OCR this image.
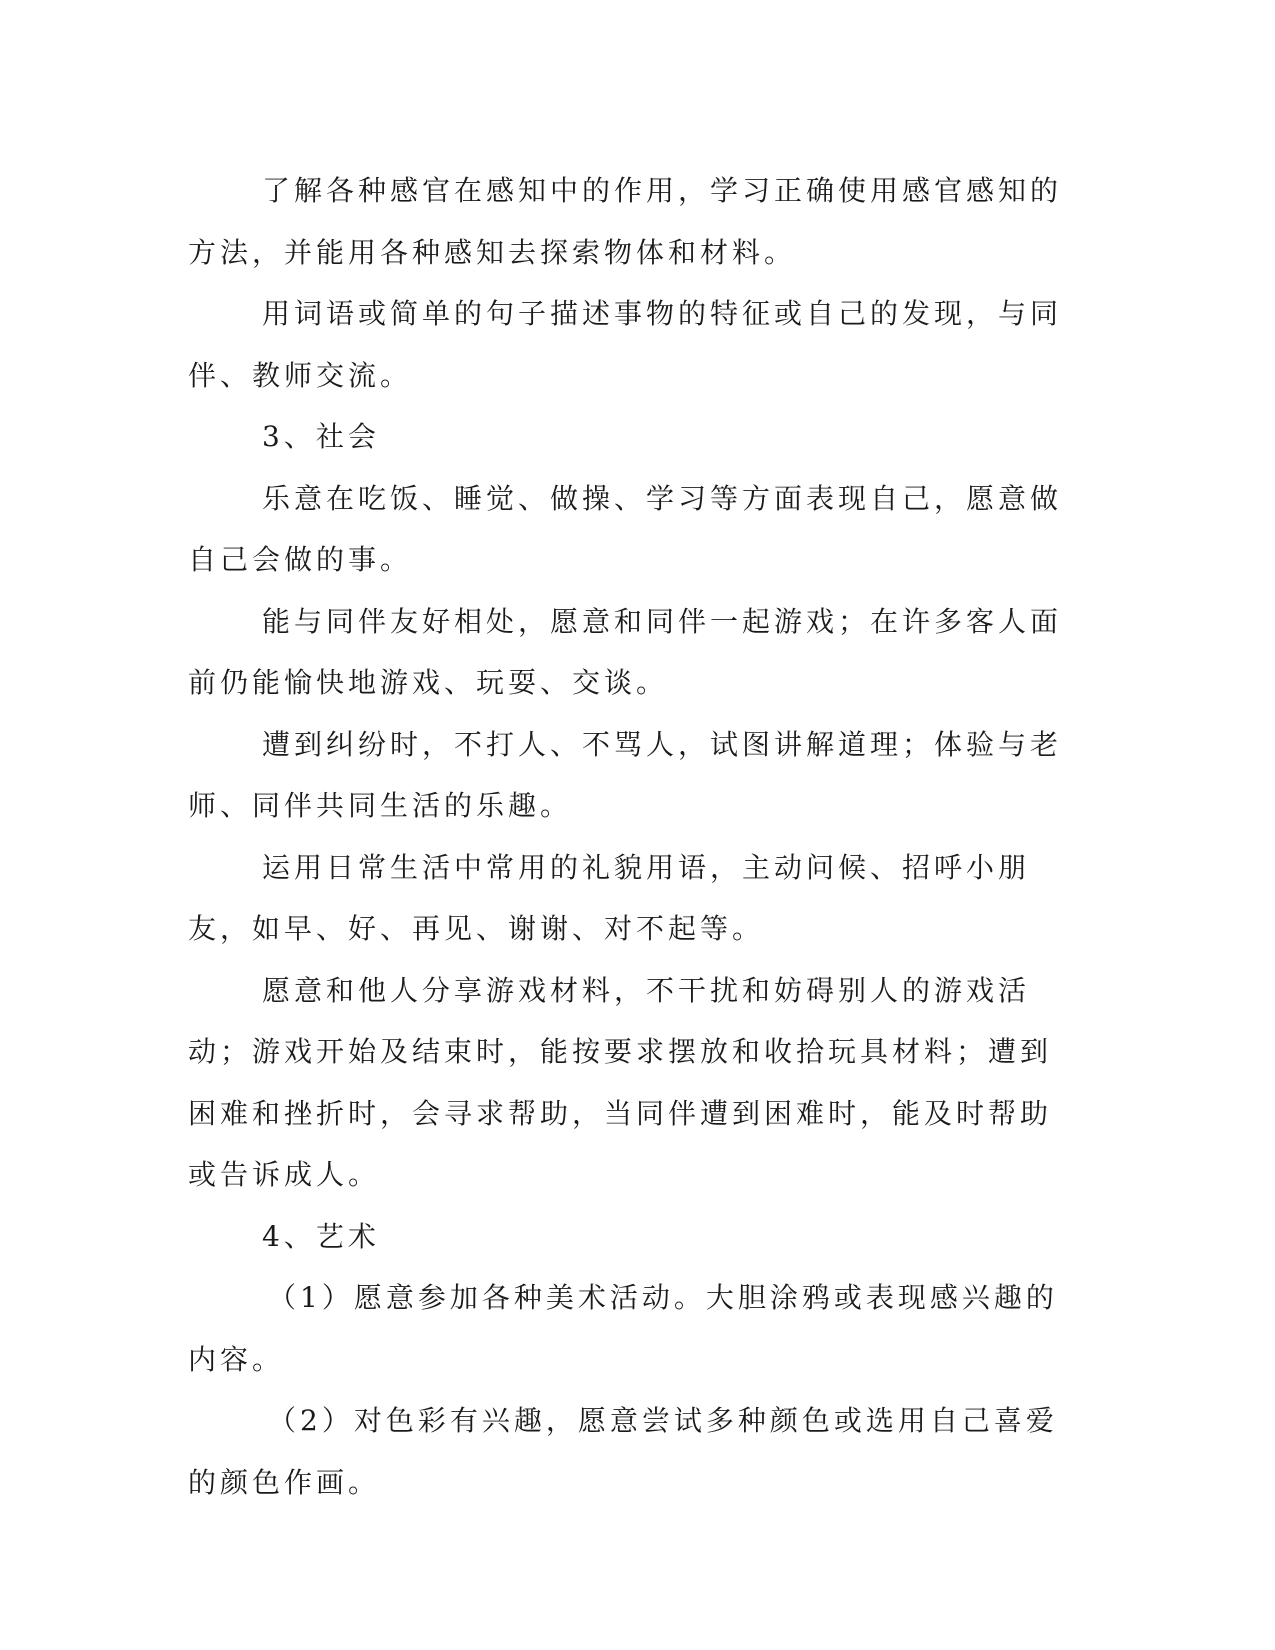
了解各种感官在感知中的作用，学习正确使用感官感知的方法，并能用各种感知去探索物体和材料。

用词语或简单的句子描述事物的特征或自己的发现，与同伴、教师交流。

3、社会

乐意在吃饭、睡觉、做操、学习等方面表现自己，愿意做自己会做的事。

能与同伴友好相处，愿意和同伴一起游戏；在许多客人面前仍能愉快地游戏、玩耍、交谈。

遭到纠纷时，不打人、不骂人，试图讲解道理；体验与老师、同伴共同生活的乐趣。

运用日常生活中常用的礼貌用语，主动问候、招呼小朋友，如早、好、再见、谢谢、对不起等。

愿意和他人分享游戏材料，不干扰和妨碍别人的游戏活动；游戏开始及结束时，能按要求摆放和收拾玩具材料；遭到困难和挫折时，会寻求帮助，当同伴遭到困难时，能及时帮助或告诉成人。

4、艺术

（1）愿意参加各种美术活动。大胆涂鸦或表现感兴趣的内容。

（2）对色彩有兴趣，愿意尝试多种颜色或选用自己喜爱的颜色作画。
